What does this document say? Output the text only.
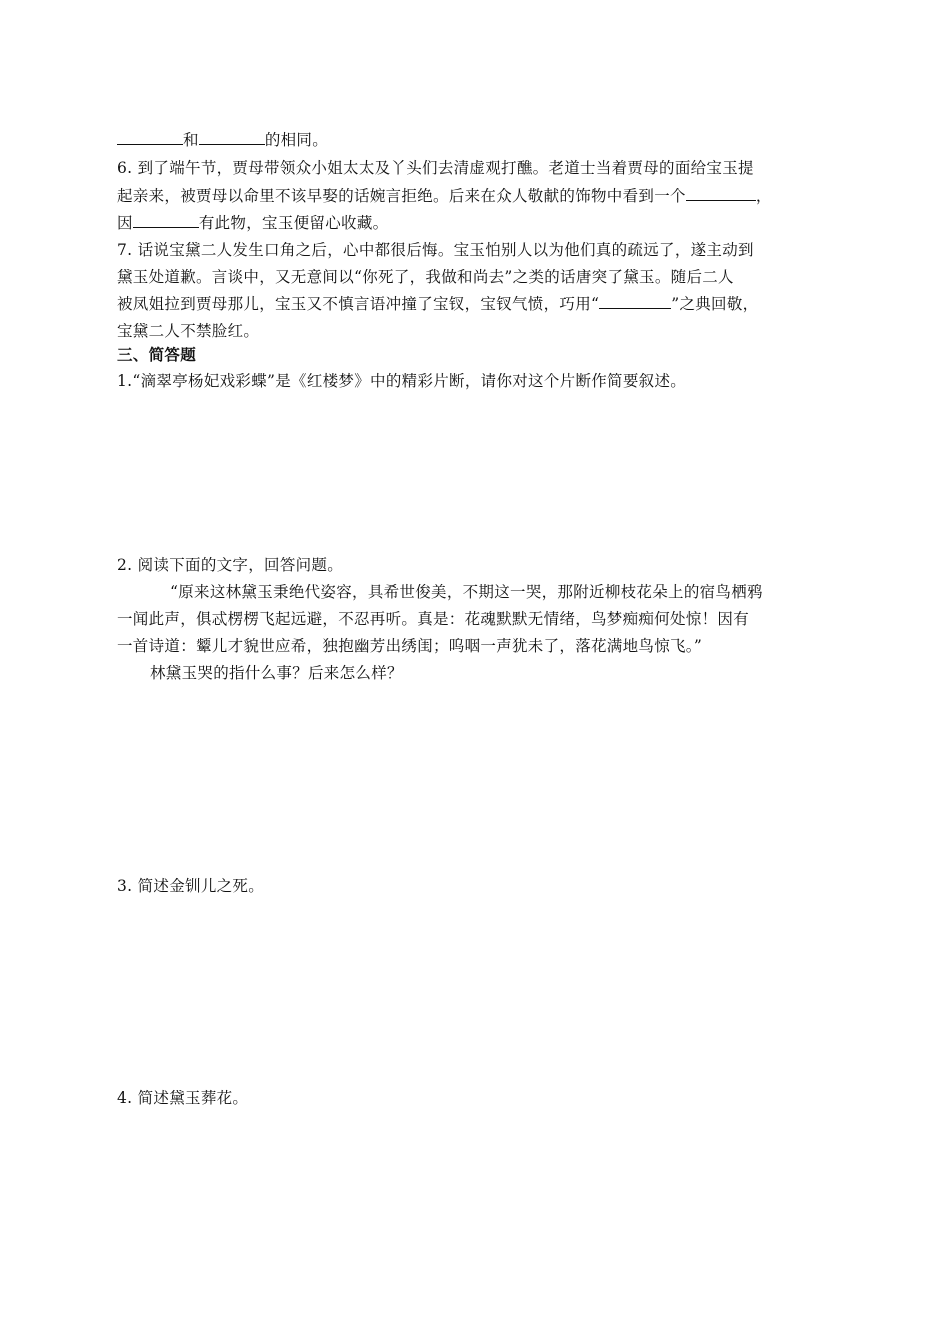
和	的相同。
6. 到了端午节，贾母带领众小姐太太及丫头们去清虚观打醮。老道士当着贾母的面给宝玉提
起亲来，被贾母以命里不该早娶的话婉言拒绝。后来在众人敬献的饰物中看到一个	，
因	有此物，宝玉便留心收藏。
7. 话说宝黛二人发生口角之后，心中都很后悔。宝玉怕别人以为他们真的疏远了，遂主动到
黛玉处道歉。言谈中，又无意间以“你死了，我做和尚去”之类的话唐突了黛玉。随后二人
被凤姐拉到贾母那儿，宝玉又不慎言语冲撞了宝钗，宝钗气愤，巧用“	”之典回敬，
宝黛二人不禁脸红。
三、简答题
1.“滴翠亭杨妃戏彩蝶”是《红楼梦》中的精彩片断，请你对这个片断作简要叙述。
2. 阅读下面的文字，回答问题。
“原来这林黛玉秉绝代姿容，具希世俊美，不期这一哭，那附近柳枝花朵上的宿鸟栖鸦
一闻此声，俱忒楞楞飞起远避，不忍再听。真是：花魂默默无情绪，鸟梦痴痴何处惊！因有
一首诗道：颦儿才貌世应希，独抱幽芳出绣闺；呜咽一声犹未了，落花满地鸟惊飞。”
林黛玉哭的指什么事？后来怎么样？
3. 简述金钏儿之死。
4. 简述黛玉葬花。
